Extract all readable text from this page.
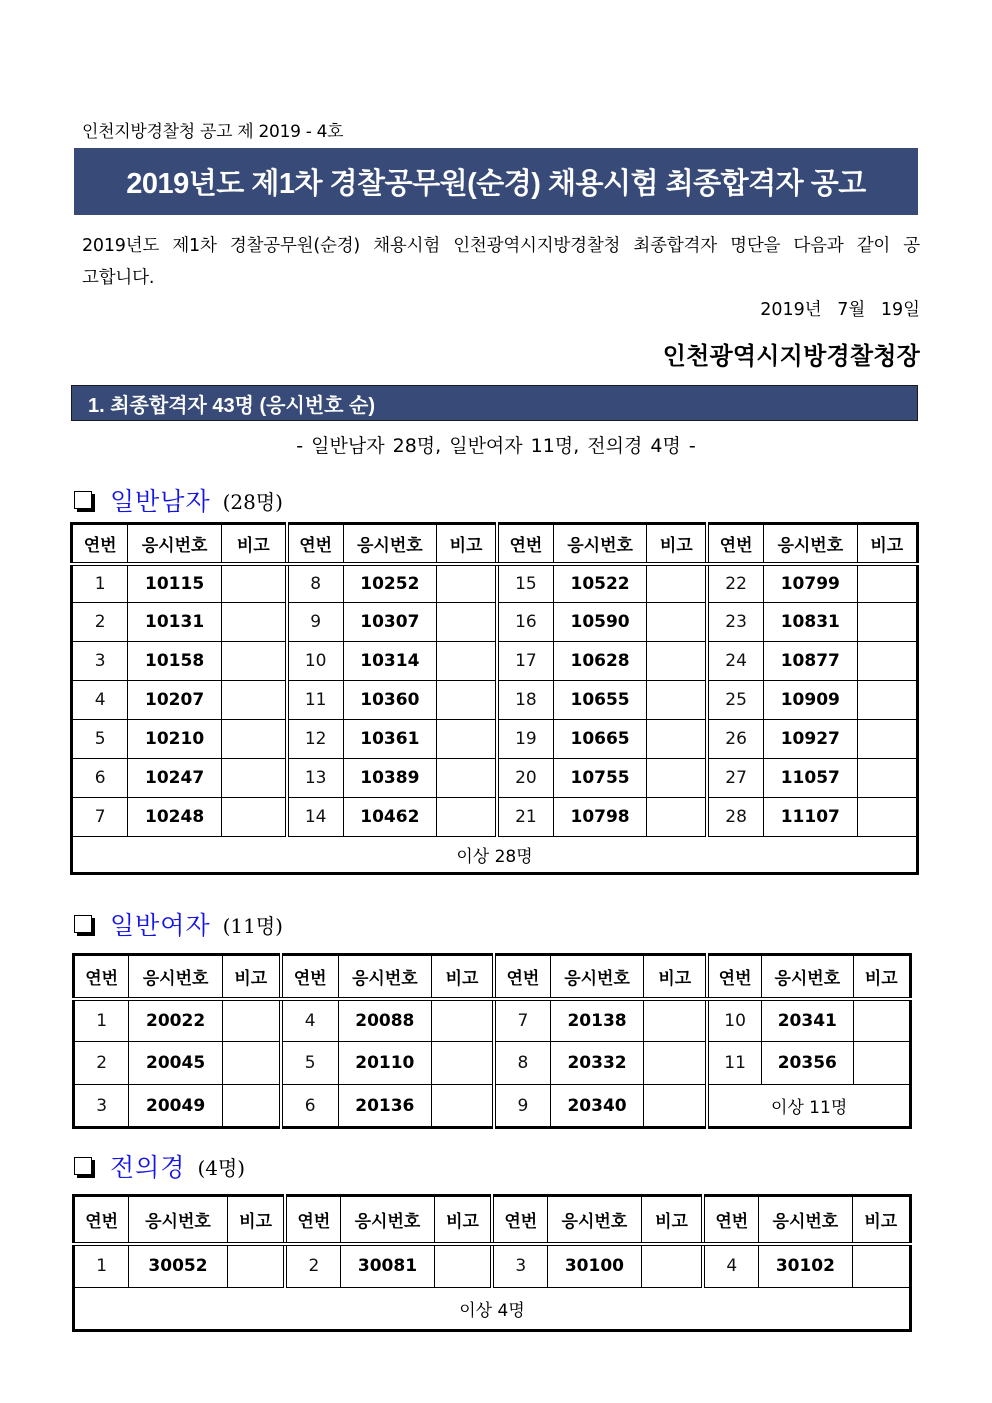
인천지방경찰청 공고 제 2019 - 4호
2019년도 제1차 경찰공무원(순경) 채용시험 최종합격자 공고
2019년도 제1차 경찰공무원(순경) 채용시험 인천광역시지방경찰청 최종합격자 명단을 다음과 같이 공고합니다.
2019년 7월 19일
인천광역시지방경찰청장
1. 최종합격자 43명 (응시번호 순)
- 일반남자 28명, 일반여자 11명, 전의경 4명 -
일반남자 (28명)
연번	응시번호	비고	연번	응시번호	비고	연번	응시번호	비고	연번	응시번호	비고
1	10115		8	10252		15	10522		22	10799	
2	10131		9	10307		16	10590		23	10831	
3	10158		10	10314		17	10628		24	10877	
4	10207		11	10360		18	10655		25	10909	
5	10210		12	10361		19	10665		26	10927	
6	10247		13	10389		20	10755		27	11057	
7	10248		14	10462		21	10798		28	11107	
이상 28명											
일반여자 (11명)
연번	응시번호	비고	연번	응시번호	비고	연번	응시번호	비고	연번	응시번호	비고
1	20022		4	20088		7	20138		10	20341	
2	20045		5	20110		8	20332		11	20356	
3	20049		6	20136		9	20340		이상 11명		
전의경 (4명)
연번	응시번호	비고	연번	응시번호	비고	연번	응시번호	비고	연번	응시번호	비고
1	30052		2	30081		3	30100		4	30102	
이상 4명											
